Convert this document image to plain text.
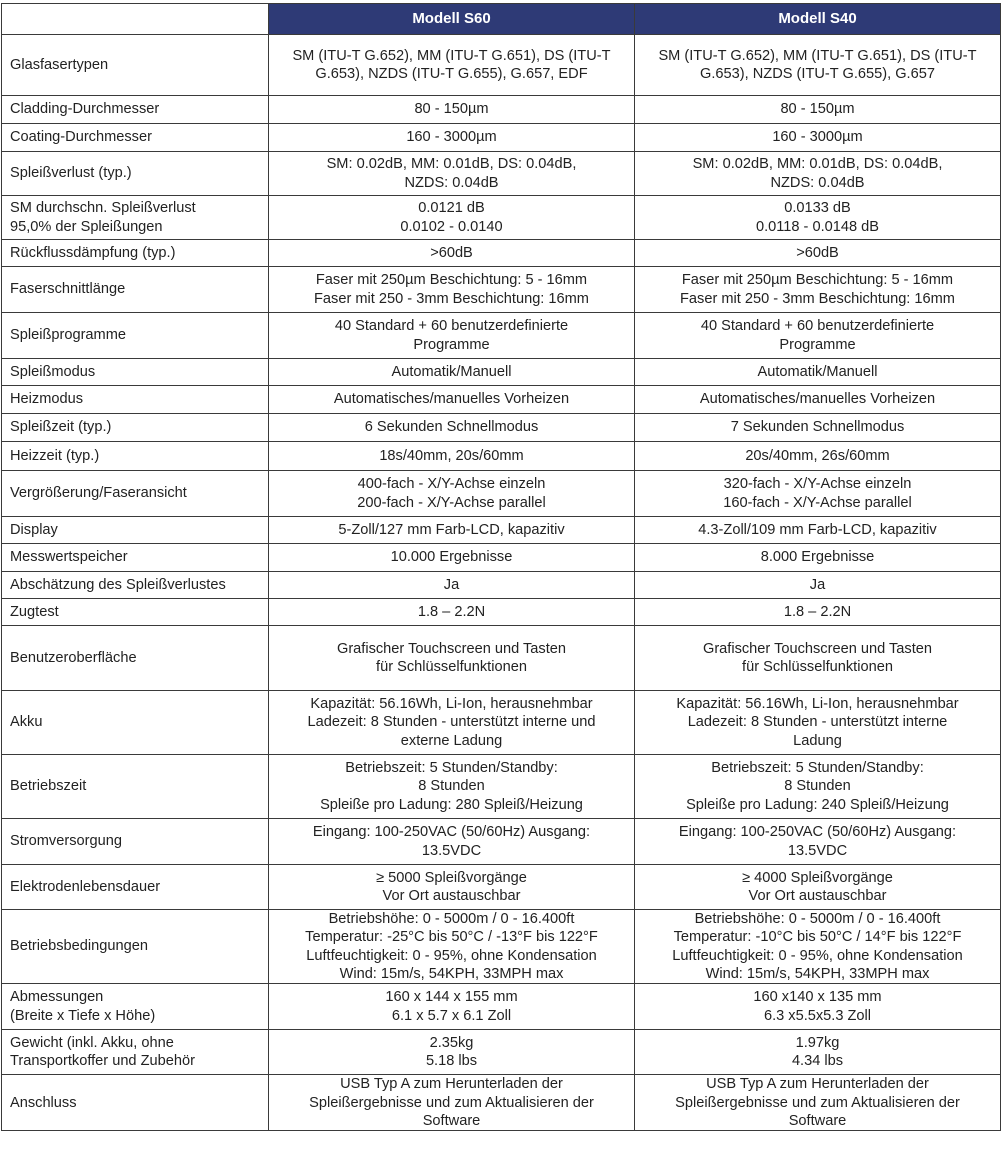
	Modell S60	Modell S40

Glasfasertypen	SM (ITU-T G.652), MM (ITU-T G.651), DS (ITU-T
G.653), NZDS (ITU-T G.655), G.657, EDF	SM (ITU-T G.652), MM (ITU-T G.651), DS (ITU-T
G.653), NZDS (ITU-T G.655), G.657

Cladding-Durchmesser	80 - 150µm	80 - 150µm

Coating-Durchmesser	160 - 3000µm	160 - 3000µm

Spleißverlust (typ.)	SM: 0.02dB, MM: 0.01dB, DS: 0.04dB,
NZDS: 0.04dB	SM: 0.02dB, MM: 0.01dB, DS: 0.04dB,
NZDS: 0.04dB

SM durchschn. Spleißverlust
95,0% der Spleißungen	0.0121 dB
0.0102 - 0.0140	0.0133 dB
0.0118 - 0.0148 dB

Rückflussdämpfung (typ.)	>60dB	>60dB

Faserschnittlänge	Faser mit 250µm Beschichtung: 5 - 16mm
Faser mit 250 - 3mm Beschichtung: 16mm	Faser mit 250µm Beschichtung: 5 - 16mm
Faser mit 250 - 3mm Beschichtung: 16mm

Spleißprogramme	40 Standard + 60 benutzerdefinierte
Programme	40 Standard + 60 benutzerdefinierte
Programme

Spleißmodus	Automatik/Manuell	Automatik/Manuell

Heizmodus	Automatisches/manuelles Vorheizen	Automatisches/manuelles Vorheizen

Spleißzeit (typ.)	6 Sekunden Schnellmodus	7 Sekunden Schnellmodus

Heizzeit (typ.)	18s/40mm, 20s/60mm	20s/40mm, 26s/60mm

Vergrößerung/Faseransicht	400-fach - X/Y-Achse einzeln
200-fach - X/Y-Achse parallel	320-fach - X/Y-Achse einzeln
160-fach - X/Y-Achse parallel

Display	5-Zoll/127 mm Farb-LCD, kapazitiv	4.3-Zoll/109 mm Farb-LCD, kapazitiv

Messwertspeicher	10.000 Ergebnisse	8.000 Ergebnisse

Abschätzung des Spleißverlustes	Ja	Ja

Zugtest	1.8 – 2.2N	1.8 – 2.2N

Benutzeroberfläche	Grafischer Touchscreen und Tasten
für Schlüsselfunktionen	Grafischer Touchscreen und Tasten
für Schlüsselfunktionen

Akku	Kapazität: 56.16Wh, Li-Ion, herausnehmbar
Ladezeit: 8 Stunden - unterstützt interne und
externe Ladung	Kapazität: 56.16Wh, Li-Ion, herausnehmbar
Ladezeit: 8 Stunden - unterstützt interne
Ladung

Betriebszeit	Betriebszeit: 5 Stunden/Standby:
8 Stunden
Spleiße pro Ladung: 280 Spleiß/Heizung	Betriebszeit: 5 Stunden/Standby:
8 Stunden
Spleiße pro Ladung: 240 Spleiß/Heizung

Stromversorgung	Eingang: 100-250VAC (50/60Hz) Ausgang:
13.5VDC	Eingang: 100-250VAC (50/60Hz) Ausgang:
13.5VDC

Elektrodenlebensdauer	≥ 5000 Spleißvorgänge
Vor Ort austauschbar	≥ 4000 Spleißvorgänge
Vor Ort austauschbar

Betriebsbedingungen	Betriebshöhe: 0 - 5000m / 0 - 16.400ft
Temperatur: -25°C bis 50°C / -13°F bis 122°F
Luftfeuchtigkeit: 0 - 95%, ohne Kondensation
Wind: 15m/s, 54KPH, 33MPH max	Betriebshöhe: 0 - 5000m / 0 - 16.400ft
Temperatur: -10°C bis 50°C / 14°F bis 122°F
Luftfeuchtigkeit: 0 - 95%, ohne Kondensation
Wind: 15m/s, 54KPH, 33MPH max

Abmessungen
(Breite x Tiefe x Höhe)	160 x 144 x 155 mm
6.1 x 5.7 x 6.1 Zoll	160 x140 x 135 mm
6.3 x5.5x5.3 Zoll

Gewicht (inkl. Akku, ohne
Transportkoffer und Zubehör	2.35kg
5.18 lbs	1.97kg
4.34 lbs

Anschluss	USB Typ A zum Herunterladen der
Spleißergebnisse und zum Aktualisieren der
Software	USB Typ A zum Herunterladen der
Spleißergebnisse und zum Aktualisieren der
Software
